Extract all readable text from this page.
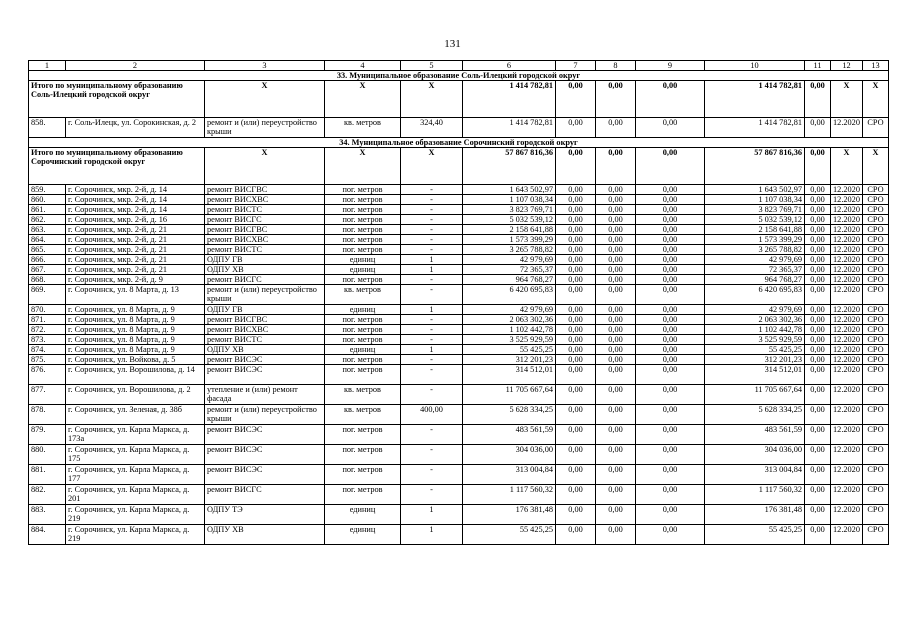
131
1	2	3	4	5	6	7	8	9	10	11	12	13
33. Муниципальное образование Соль-Илецкий городской округ												
Итого по муниципальному образованию Соль-Илецкий городской округ		X	X	X	1 414 782,81	0,00	0,00	0,00	1 414 782,81	0,00	X	X
858.	г. Соль-Илецк, ул. Сорокинская, д. 2	ремонт и (или) переустройство крыши	кв. метров	324,40	1 414 782,81	0,00	0,00	0,00	1 414 782,81	0,00	12.2020	СРО
34. Муниципальное образование Сорочинский городской округ												
Итого по муниципальному образованию Сорочинский городской округ		X	X	X	57 867 816,36	0,00	0,00	0,00	57 867 816,36	0,00	X	X
859.	г. Сорочинск, мкр. 2-й, д. 14	ремонт ВИСГВС	пог. метров	-	1 643 502,97	0,00	0,00	0,00	1 643 502,97	0,00	12.2020	СРО
860.	г. Сорочинск, мкр. 2-й, д. 14	ремонт ВИСХВС	пог. метров	-	1 107 038,34	0,00	0,00	0,00	1 107 038,34	0,00	12.2020	СРО
861.	г. Сорочинск, мкр. 2-й, д. 14	ремонт ВИСТС	пог. метров	-	3 823 769,71	0,00	0,00	0,00	3 823 769,71	0,00	12.2020	СРО
862.	г. Сорочинск, мкр. 2-й, д. 16	ремонт ВИСГС	пог. метров	-	5 032 539,12	0,00	0,00	0,00	5 032 539,12	0,00	12.2020	СРО
863.	г. Сорочинск, мкр. 2-й, д. 21	ремонт ВИСГВС	пог. метров	-	2 158 641,88	0,00	0,00	0,00	2 158 641,88	0,00	12.2020	СРО
864.	г. Сорочинск, мкр. 2-й, д. 21	ремонт ВИСХВС	пог. метров	-	1 573 399,29	0,00	0,00	0,00	1 573 399,29	0,00	12.2020	СРО
865.	г. Сорочинск, мкр. 2-й, д. 21	ремонт ВИСТС	пог. метров	-	3 265 788,82	0,00	0,00	0,00	3 265 788,82	0,00	12.2020	СРО
866.	г. Сорочинск, мкр. 2-й, д. 21	ОДПУ ГВ	единиц	1	42 979,69	0,00	0,00	0,00	42 979,69	0,00	12.2020	СРО
867.	г. Сорочинск, мкр. 2-й, д. 21	ОДПУ ХВ	единиц	1	72 365,37	0,00	0,00	0,00	72 365,37	0,00	12.2020	СРО
868.	г. Сорочинск, мкр. 2-й, д. 9	ремонт ВИСГС	пог. метров	-	964 768,27	0,00	0,00	0,00	964 768,27	0,00	12.2020	СРО
869.	г. Сорочинск, ул. 8 Марта, д. 13	ремонт и (или) переустройство крыши	кв. метров	-	6 420 695,83	0,00	0,00	0,00	6 420 695,83	0,00	12.2020	СРО
870.	г. Сорочинск, ул. 8 Марта, д. 9	ОДПУ ГВ	единиц	1	42 979,69	0,00	0,00	0,00	42 979,69	0,00	12.2020	СРО
871.	г. Сорочинск, ул. 8 Марта, д. 9	ремонт ВИСГВС	пог. метров	-	2 063 302,36	0,00	0,00	0,00	2 063 302,36	0,00	12.2020	СРО
872.	г. Сорочинск, ул. 8 Марта, д. 9	ремонт ВИСХВС	пог. метров	-	1 102 442,78	0,00	0,00	0,00	1 102 442,78	0,00	12.2020	СРО
873.	г. Сорочинск, ул. 8 Марта, д. 9	ремонт ВИСТС	пог. метров	-	3 525 929,59	0,00	0,00	0,00	3 525 929,59	0,00	12.2020	СРО
874.	г. Сорочинск, ул. 8 Марта, д. 9	ОДПУ ХВ	единиц	1	55 425,25	0,00	0,00	0,00	55 425,25	0,00	12.2020	СРО
875.	г. Сорочинск, ул. Войкова, д. 5	ремонт ВИСЭС	пог. метров	-	312 201,23	0,00	0,00	0,00	312 201,23	0,00	12.2020	СРО
876.	г. Сорочинск, ул. Ворошилова, д. 14	ремонт ВИСЭС	пог. метров	-	314 512,01	0,00	0,00	0,00	314 512,01	0,00	12.2020	СРО
877.	г. Сорочинск, ул. Ворошилова, д. 2	утепление и (или) ремонт фасада	кв. метров	-	11 705 667,64	0,00	0,00	0,00	11 705 667,64	0,00	12.2020	СРО
878.	г. Сорочинск, ул. Зеленая, д. 38б	ремонт и (или) переустройство крыши	кв. метров	400,00	5 628 334,25	0,00	0,00	0,00	5 628 334,25	0,00	12.2020	СРО
879.	г. Сорочинск, ул. Карла Маркса, д. 173а	ремонт ВИСЭС	пог. метров	-	483 561,59	0,00	0,00	0,00	483 561,59	0,00	12.2020	СРО
880.	г. Сорочинск, ул. Карла Маркса, д. 175	ремонт ВИСЭС	пог. метров	-	304 036,00	0,00	0,00	0,00	304 036,00	0,00	12.2020	СРО
881.	г. Сорочинск, ул. Карла Маркса, д. 177	ремонт ВИСЭС	пог. метров	-	313 004,84	0,00	0,00	0,00	313 004,84	0,00	12.2020	СРО
882.	г. Сорочинск, ул. Карла Маркса, д. 201	ремонт ВИСГС	пог. метров	-	1 117 560,32	0,00	0,00	0,00	1 117 560,32	0,00	12.2020	СРО
883.	г. Сорочинск, ул. Карла Маркса, д. 219	ОДПУ ТЭ	единиц	1	176 381,48	0,00	0,00	0,00	176 381,48	0,00	12.2020	СРО
884.	г. Сорочинск, ул. Карла Маркса, д. 219	ОДПУ ХВ	единиц	1	55 425,25	0,00	0,00	0,00	55 425,25	0,00	12.2020	СРО
